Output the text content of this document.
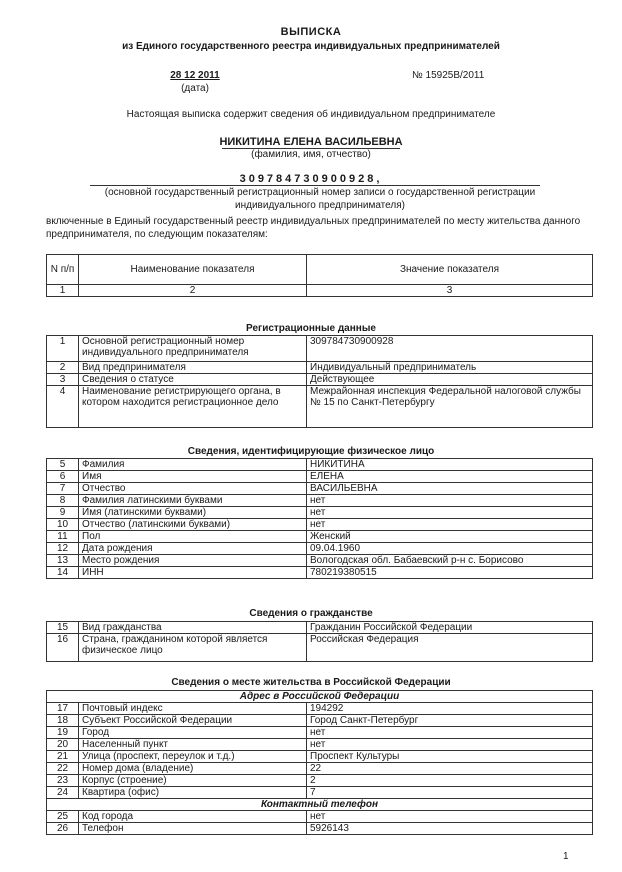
ВЫПИСКА
из Единого государственного реестра индивидуальных предпринимателей
28 12 2011
(дата)
№ 15925В/2011
Настоящая выписка содержит сведения об индивидуальном предпринимателе
НИКИТИНА ЕЛЕНА ВАСИЛЬЕВНА
(фамилия, имя, отчество)
309784730900928,
(основной государственный регистрационный номер записи о государственной регистрации индивидуального предпринимателя)
включенные в Единый государственный реестр индивидуальных предпринимателей по месту жительства данного предпринимателя, по следующим показателям:
N п/п	Наименование показателя	Значение показателя
1	2	3
Регистрационные данные
1	Основной регистрационный номер индивидуального предпринимателя	309784730900928
2	Вид предпринимателя	Индивидуальный предприниматель
3	Сведения о статусе	Действующее
4	Наименование регистрирующего органа, в котором находится регистрационное дело	Межрайонная инспекция Федеральной налоговой службы № 15 по Санкт-Петербургу
Сведения, идентифицирующие физическое лицо
5	Фамилия	НИКИТИНА
6	Имя	ЕЛЕНА
7	Отчество	ВАСИЛЬЕВНА
8	Фамилия латинскими буквами	нет
9	Имя (латинскими буквами)	нет
10	Отчество (латинскими буквами)	нет
11	Пол	Женский
12	Дата рождения	09.04.1960
13	Место рождения	Вологодская обл. Бабаевский р-н с. Борисово
14	ИНН	780219380515
Сведения о гражданстве
15	Вид гражданства	Гражданин Российской Федерации
16	Страна, гражданином которой является физическое лицо	Российская Федерация
Сведения о месте жительства в Российской Федерации
Адрес в Российской Федерации		
17	Почтовый индекс	194292
18	Субъект Российской Федерации	Город Санкт-Петербург
19	Город	нет
20	Населенный пункт	нет
21	Улица (проспект, переулок и т.д.)	Проспект Культуры
22	Номер дома (владение)	22
23	Корпус (строение)	2
24	Квартира (офис)	7
Контактный телефон		
25	Код города	нет
26	Телефон	5926143
1
